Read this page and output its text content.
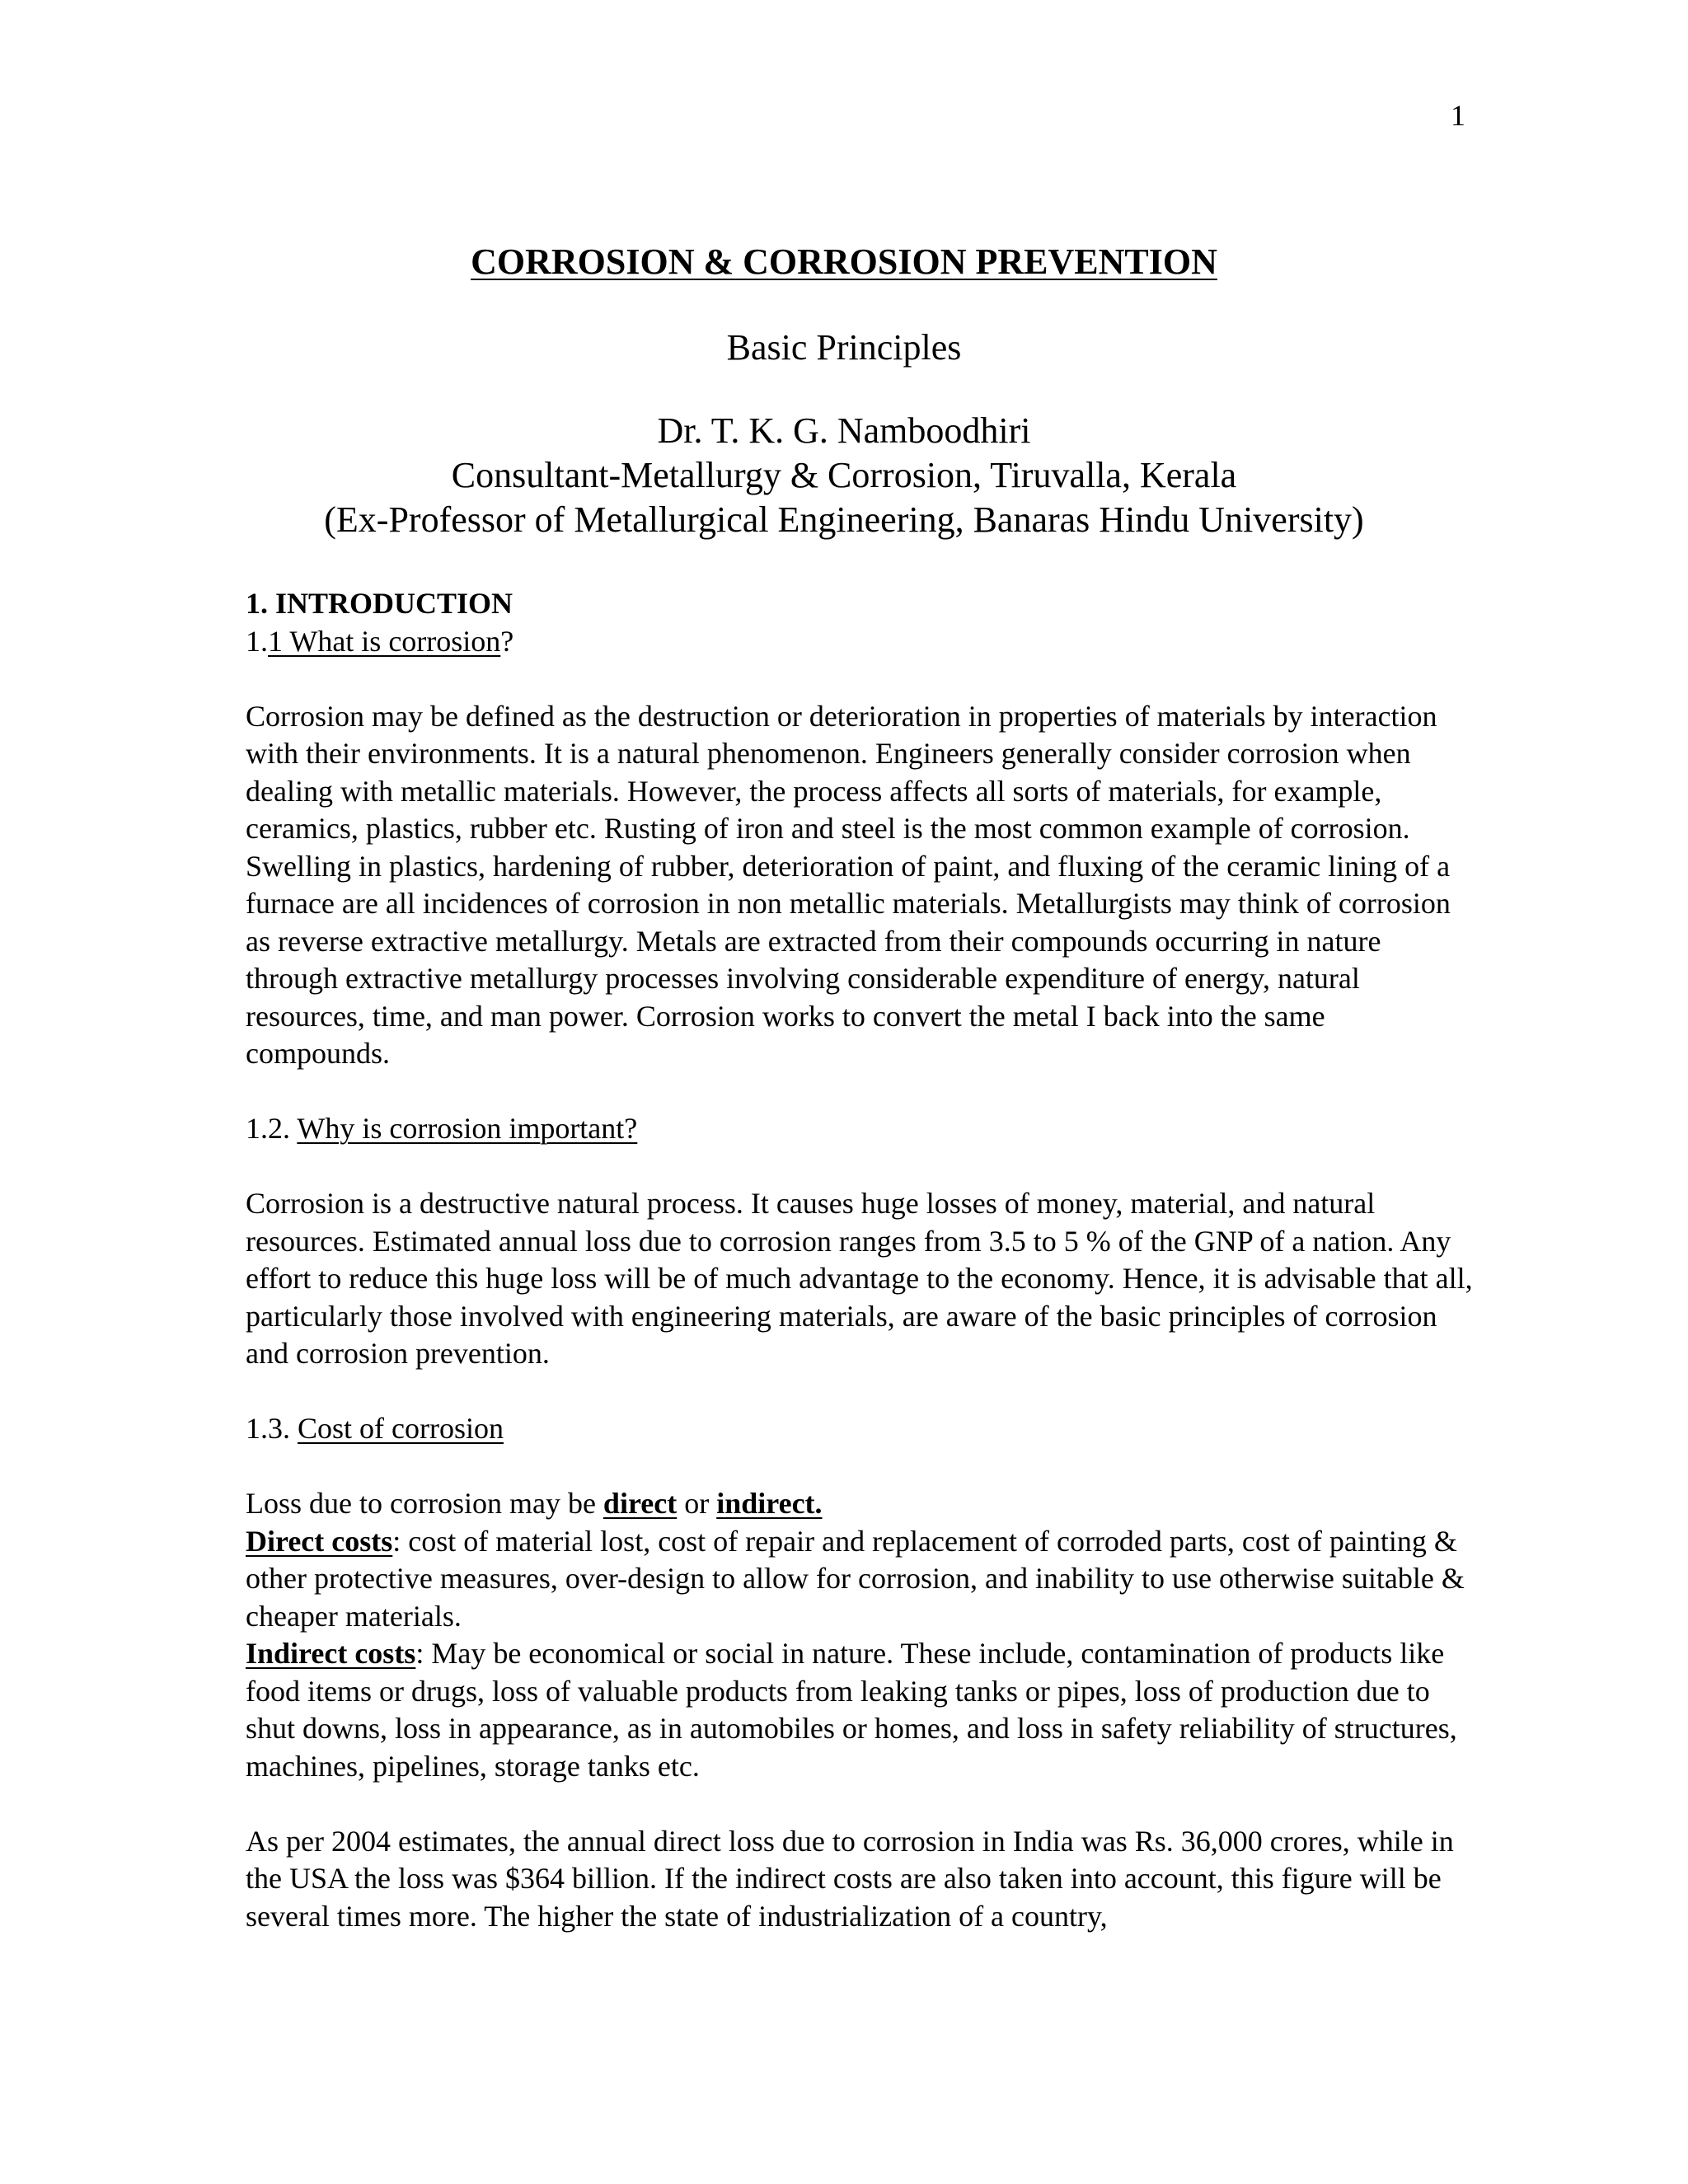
1
CORROSION & CORROSION PREVENTION
Basic Principles
Dr. T. K. G. Namboodhiri
Consultant-Metallurgy & Corrosion, Tiruvalla, Kerala
(Ex-Professor of Metallurgical Engineering, Banaras Hindu University)

1. INTRODUCTION

1.1 What is corrosion?

Corrosion may be defined as the destruction or deterioration in properties of materials by interaction with their environments. It is a natural phenomenon. Engineers generally consider corrosion when dealing with metallic materials. However, the process affects all sorts of materials, for example, ceramics, plastics, rubber etc. Rusting of iron and steel is the most common example of corrosion. Swelling in plastics, hardening of rubber, deterioration of paint, and fluxing of the ceramic lining of a furnace are all incidences of corrosion in non metallic materials. Metallurgists may think of corrosion as reverse extractive metallurgy. Metals are extracted from their compounds occurring in nature through extractive metallurgy processes involving considerable expenditure of energy, natural resources, time, and man power. Corrosion works to convert the metal I back into the same compounds.

1.2. Why is corrosion important?

Corrosion is a destructive natural process. It causes huge losses of money, material, and natural resources. Estimated annual loss due to corrosion ranges from 3.5 to 5 % of the GNP of a nation. Any effort to reduce this huge loss will be of much advantage to the economy. Hence, it is advisable that all, particularly those involved with engineering materials, are aware of the basic principles of corrosion and corrosion prevention.

1.3. Cost of corrosion

Loss due to corrosion may be direct or indirect.

Direct costs: cost of material lost, cost of repair and replacement of corroded parts, cost of painting & other protective measures, over-design to allow for corrosion, and inability to use otherwise suitable & cheaper materials.

Indirect costs: May be economical or social in nature. These include, contamination of products like food items or drugs, loss of valuable products from leaking tanks or pipes, loss of production due to shut downs, loss in appearance, as in automobiles or homes, and loss in safety reliability of structures, machines, pipelines, storage tanks etc.

As per 2004 estimates, the annual direct loss due to corrosion in India was Rs. 36,000 crores, while in the USA the loss was $364 billion. If the indirect costs are also taken into account, this figure will be several times more. The higher the state of industrialization of a country,
